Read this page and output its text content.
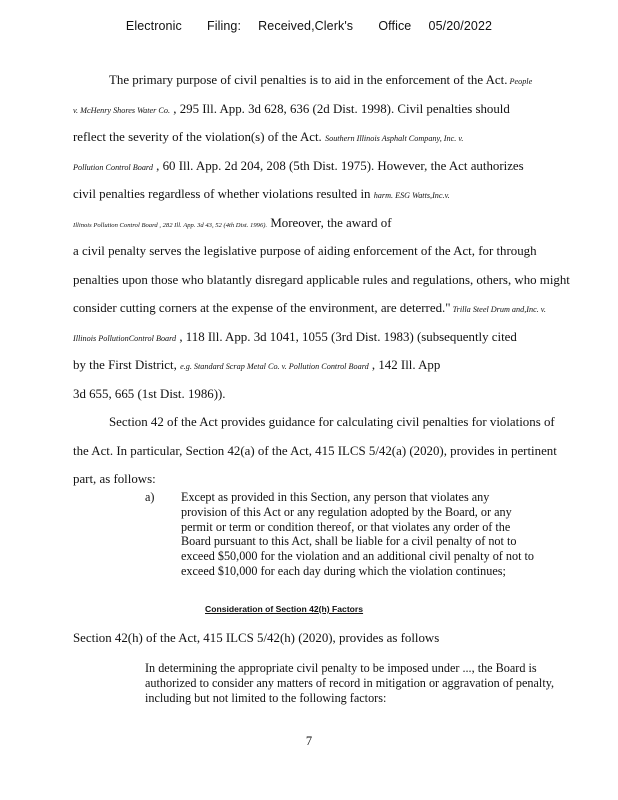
Electronic Filing: Received,Clerk's Office 05/20/2022
The primary purpose of civil penalties is to aid in the enforcement of the Act. People
v. McHenry Shores Water Co. , 295 Ill. App. 3d 628, 636 (2d Dist. 1998). Civil penalties should
reflect the severity of the violation(s) of the Act. Southern Illinois Asphalt Company, Inc. v.
Pollution Control Board , 60 Ill. App. 2d 204, 208 (5th Dist. 1975). However, the Act authorizes
civil penalties regardless of whether violations resulted in harm. ESG Watts,Inc.v.
Illinois Pollution Control Board , 282 Ill. App. 3d 43, 52 (4th Dist. 1996). Moreover, the award of
a civil penalty serves the legislative purpose of aiding enforcement of the Act, for through
penalties upon those who blatantly disregard applicable rules and regulations, others, who might
consider cutting corners at the expense of the environment, are deterred." Trilla Steel Drum and,Inc. v.
Illinois PollutionControl Board , 118 Ill. App. 3d 1041, 1055 (3rd Dist. 1983) (subsequently cited
by the First District, e.g. Standard Scrap Metal Co. v. Pollution Control Board , 142 Ill. App
3d 655, 665 (1st Dist. 1986)).
Section 42 of the Act provides guidance for calculating civil penalties for violations of
the Act. In particular, Section 42(a) of the Act, 415 ILCS 5/42(a) (2020), provides in pertinent
part, as follows:
a) Except as provided in this Section, any person that violates any provision of this Act or any regulation adopted by the Board, or any permit or term or condition thereof, or that violates any order of the Board pursuant to this Act, shall be liable for a civil penalty of not to exceed $50,000 for the violation and an additional civil penalty of not to exceed $10,000 for each day during which the violation continues;
Consideration of Section 42(h) Factors
Section 42(h) of the Act, 415 ILCS 5/42(h) (2020), provides as follows
In determining the appropriate civil penalty to be imposed under ..., the Board is authorized to consider any matters of record in mitigation or aggravation of penalty, including but not limited to the following factors:
7
